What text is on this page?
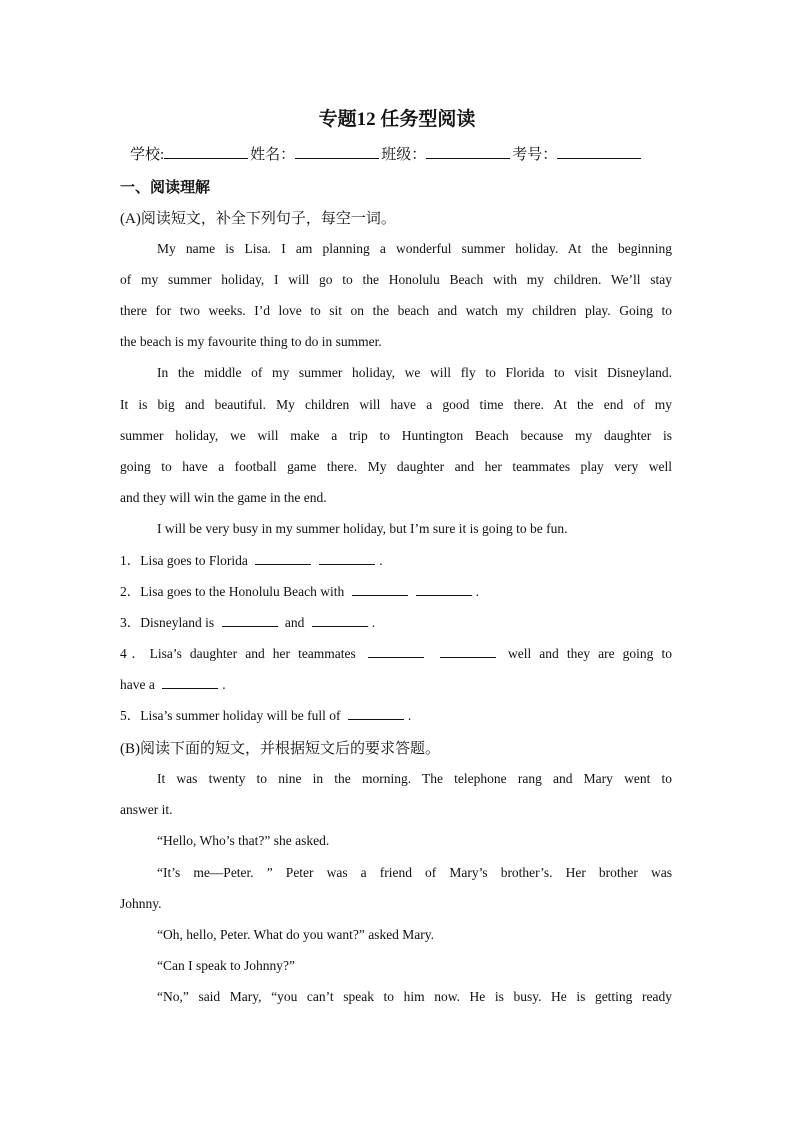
专题12 任务型阅读
学校:	姓名：	班级：	考号：
一、阅读理解
(A)阅读短文，补全下列句子，每空一词。
My name is Lisa. I am planning a wonderful summer holiday. At the beginning
of my summer holiday, I will go to the Honolulu Beach with my children. We’ll stay
there for two weeks. I’d love to sit on the beach and watch my children play. Going to
the beach is my favourite thing to do in summer.
In the middle of my summer holiday, we will fly to Florida to visit Disneyland.
It is big and beautiful. My children will have a good time there. At the end of my
summer holiday, we will make a trip to Huntington Beach because my daughter is
going to have a football game there. My daughter and her teammates play very well
and they will win the game in the end.
I will be very busy in my summer holiday, but I’m sure it is going to be fun.
1．Lisa goes to Florida	.
2．Lisa goes to the Honolulu Beach with	.
3．Disneyland is	and	.
4．Lisa’s daughter and her teammates	well and they are going to
have a	.
5．Lisa’s summer holiday will be full of	.
(B)阅读下面的短文，并根据短文后的要求答题。
It was twenty to nine in the morning. The telephone rang and Mary went to
answer it.
“Hello, Who’s that?” she asked.
“It’s me—Peter. ” Peter was a friend of Mary’s brother’s. Her brother was
Johnny.
“Oh, hello, Peter. What do you want?” asked Mary.
“Can I speak to Johnny?”
“No,” said Mary, “you can’t speak to him now. He is busy. He is getting ready
